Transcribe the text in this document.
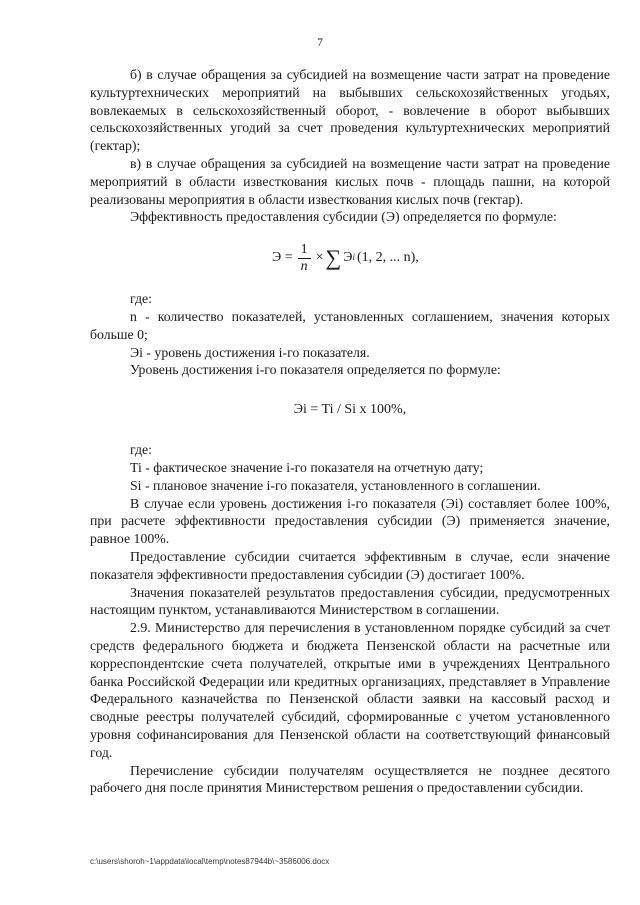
7

б) в случае обращения за субсидией на возмещение части затрат на проведение культуртехнических мероприятий на выбывших сельскохозяйственных угодьях, вовлекаемых в сельскохозяйственный оборот, - вовлечение в оборот выбывших сельскохозяйственных угодий за счет проведения культуртехнических мероприятий (гектар);

в) в случае обращения за субсидией на возмещение части затрат на проведение мероприятий в области известкования кислых почв - площадь пашни, на которой реализованы мероприятия в области известкования кислых почв (гектар).

Эффективность предоставления субсидии (Э) определяется по формуле:

$Э = \frac{1}{n}$ × ∑ Э i (1, 2, ... n),

где:

n - количество показателей, установленных соглашением, значения которых больше 0;

Эi - уровень достижения i-го показателя.

Уровень достижения i-го показателя определяется по формуле:

Эi = Ti / Si x 100%,

где:

Ti - фактическое значение i-го показателя на отчетную дату;

Si - плановое значение i-го показателя, установленного в соглашении.

В случае если уровень достижения i-го показателя (Эi) составляет более 100%, при расчете эффективности предоставления субсидии (Э) применяется значение, равное 100%.

Предоставление субсидии считается эффективным в случае, если значение показателя эффективности предоставления субсидии (Э) достигает 100%.

Значения показателей результатов предоставления субсидии, предусмотренных настоящим пунктом, устанавливаются Министерством в соглашении.

2.9. Министерство для перечисления в установленном порядке субсидий за счет средств федерального бюджета и бюджета Пензенской области на расчетные или корреспондентские счета получателей, открытые ими в учреждениях Центрального банка Российской Федерации или кредитных организациях, представляет в Управление Федерального казначейства по Пензенской области заявки на кассовый расход и сводные реестры получателей субсидий, сформированные с учетом установленного уровня софинансирования для Пензенской области на соответствующий финансовый год.

Перечисление субсидии получателям осуществляется не позднее десятого рабочего дня после принятия Министерством решения о предоставлении субсидии.

c:\users\shoroh~1\appdata\local\temp\notes87944b\~3586006.docx
